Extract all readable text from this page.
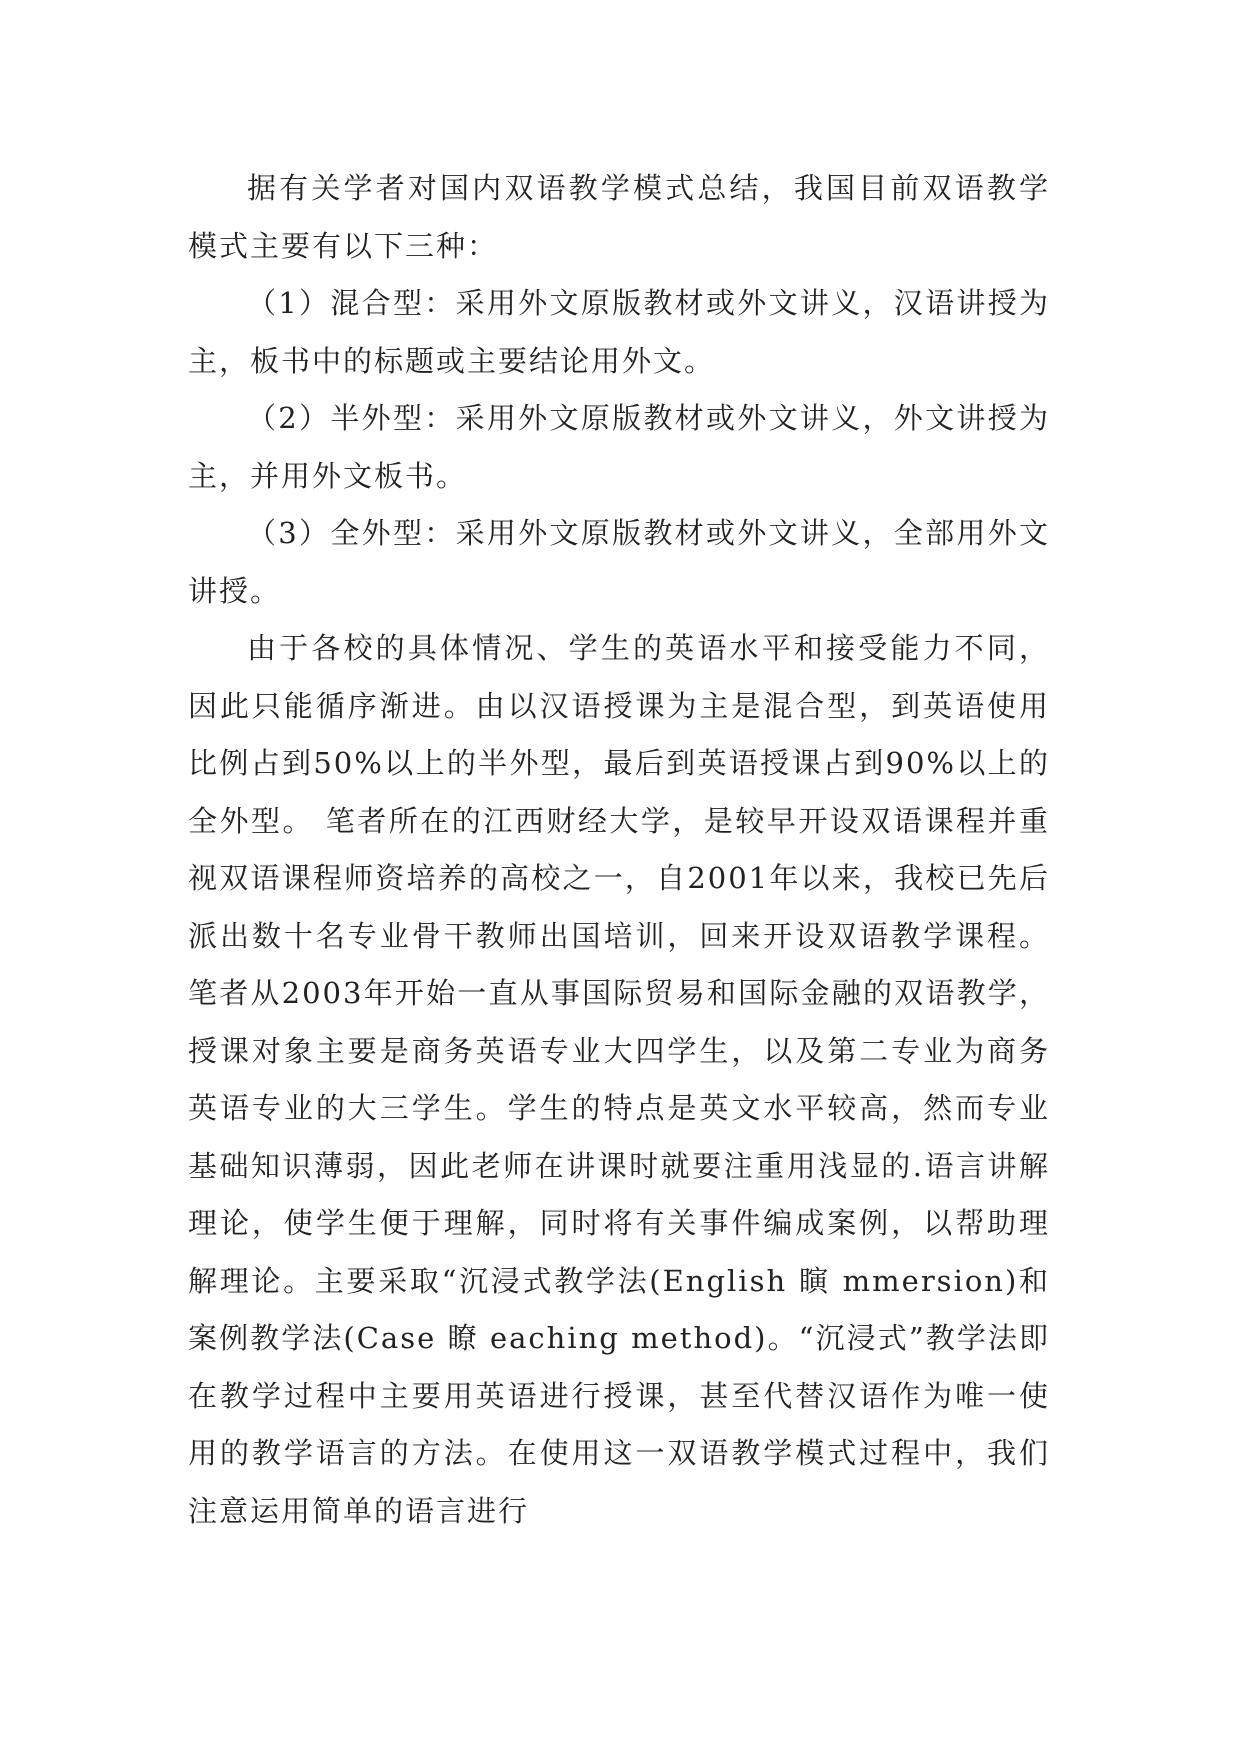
据有关学者对国内双语教学模式总结，我国目前双语教学模式主要有以下三种：

（1）混合型：采用外文原版教材或外文讲义，汉语讲授为主，板书中的标题或主要结论用外文。

（2）半外型：采用外文原版教材或外文讲义，外文讲授为主，并用外文板书。

（3）全外型：采用外文原版教材或外文讲义，全部用外文讲授。

由于各校的具体情况、学生的英语水平和接受能力不同，因此只能循序渐进。由以汉语授课为主是混合型，到英语使用比例占到50%以上的半外型，最后到英语授课占到90%以上的全外型。 笔者所在的江西财经大学，是较早开设双语课程并重视双语课程师资培养的高校之一，自2001年以来，我校已先后派出数十名专业骨干教师出国培训，回来开设双语教学课程。笔者从2003年开始一直从事国际贸易和国际金融的双语教学，授课对象主要是商务英语专业大四学生，以及第二专业为商务英语专业的大三学生。学生的特点是英文水平较高，然而专业基础知识薄弱，因此老师在讲课时就要注重用浅显的.语言讲解理论，使学生便于理解，同时将有关事件编成案例，以帮助理解理论。主要采取“沉浸式教学法(English 瞚 mmersion)和案例教学法(Case 瞭 eaching method)。“沉浸式”教学法即在教学过程中主要用英语进行授课，甚至代替汉语作为唯一使用的教学语言的方法。在使用这一双语教学模式过程中，我们注意运用简单的语言进行
